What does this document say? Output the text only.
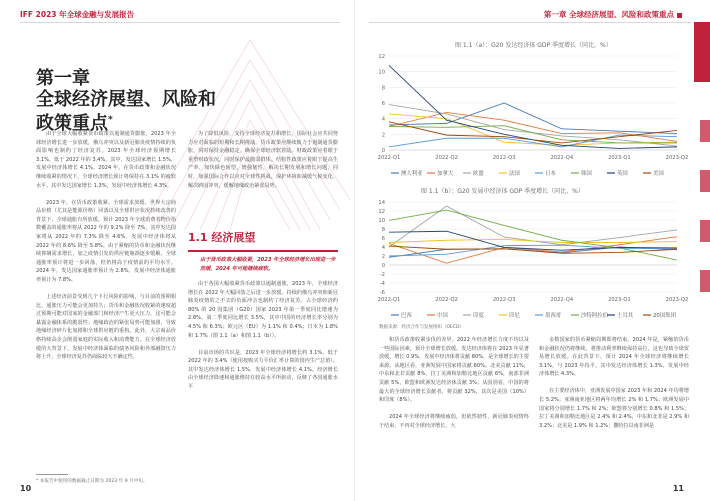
IFF 2023 年全球金融与发展报告
第一章
全球经济展望、风险和
政策重点*

由于全球大幅收紧货币政策以遏制通货膨胀，2023 年全球经济增长进一步放缓，俄乌冲突以及新冠肺炎疫情持续的负面影响也制约了经济复苏。2023 年全球经济预期增长 3.1%，低于 2022 年的 3.4%。其中，发达国家增长 1.5%，发展中经济体增长 4.1%。2024 年，在货币政策和金融状况继续收紧的情况下，全球经济增长预计将保持在 3.1% 的疲软水平，其中发达国家增长 1.3%，发展中经济体增长 4.3%。

2023 年，在货币政策收紧、全球需求放缓、世界大宗商品价格（尤其是能源价格）回落以及全球供应状况持续改善的背景下，全球通胀有所放缓。预计 2023 年全球消费者物价指数覆盖的通胀率将从 2022 年的 9.2% 降至 7%，其中发达国家将从 2022 年的 7.3% 降至 4.6%，发展中经济体将从 2022 年的 8.6% 降至 5.8%。由于紧缩的货币和金融状况继续抑制需求增长，加之疫情引发的供应链瓶颈逐步缓解，全球通胀率预计将进一步回落，但仍将高于疫情前的平均水平。2024 年，发达国家通胀率预计为 2.8%，发展中经济体通胀率预计为 7.8%。

上述经济前景受到几个下行风险的影响，与目前的预期相比，通胀压力可能会更加持久；货币和金融状况收紧的速度超过预期可能对国家的金融部门和经济产生更大压力，这可能会暴露金融体系的脆弱性；地缘政治的紧张局势可能加剧，导致地缘经济碎片化加剧和全球供应链的重构。此外，大宗商品价格持续高企会削弱家庭的实际收入和消费能力。在全球经济放缓的大背景下，发展中经济体面临的债务风险和外部融资压力将上升，全球经济复苏仍面临较大不确定性。

为了降低风险、支持全球经济复苏和增长，国际社会应共同努力应对面临的短期和长期挑战。货币政策应继续致力于遏制通货膨胀，同时保持金融稳定。确保全球经济软着陆。财政政策应着眼于重塑财政状况，同时保护最脆弱群体。结构性政策应着眼于提高生产率、加快绿色转型、增强韧性，解决长期发展和增长问题，同时，加强国际合作以应对全球性挑战。保护环境和减缓气候变化、解决跨国冲突、缓解地缘政治紧张局势。

1.1 经济展望
由于货币政策大幅收紧，2023 年全球经济增长出现进一步放缓，2024 年可能继续疲软。

由于各国大幅收紧货币政策以遏制通胀，2023 年，全球经济增长在 2022 年大幅回落之后进一步放缓。持续的俄乌冲突和新冠肺炎疫情的之不去的负面冲击也制约了经济复苏。占全球经济约 80% 的 20 国集团（G20）国家 2023 年第一季度同比增速为 2.8%，第二季度同比增长 3.5%，其中中国的经济增长率分别为 4.5% 和 6.3%；欧元区（EU）为 1.1% 和 0.4%；日本为 1.8% 和 1.7%（图 1.1（a）和图 1.1（b））。

目前市场的共识是，2023 年全球经济将增长约 3.1%，低于 2022 年的 3.4%（使用按购买力平价汇率计算的国内生产总值）。其中发达经济体增长 1.5%，发展中经济体增长 4.1%。经济增长由全球经济降速和通胀维持在较高水平所驱动，反映了各国通胀水平

* 本报告中使用的数据截止日期为 2023 年 9 月中旬。
10
第一章 全球经济展望、风险和政策重点
图 1.1（a）：G20 发达经济体 GDP 季度增长（同比，%）
0
2
4
6
8
10
12
2022-Q1	2022-Q2	2022-Q3	2022-Q4	2023-Q1	2023-Q2
澳大利亚	加拿大	欧盟	法国	日本	韩国	英国	美国
图 1.1（b）：G20 发展中经济体 GDP 季度增长（同比，%）
-6
-4
-2
0
2
4
6
8
10
12
14
2022-Q1	2022-Q2	2022-Q3	2022-Q4	2023-Q1	2023-Q2
巴西	中国	印度	印尼	墨西哥	沙特阿拉伯 土耳其	20国集团
数据来源：经济合作与发展组织（OECD）

和货币政策收紧步伐的差异。2022 年经济增长力度不均以及一些国际因素，预计全球增长放缓，发达经济体将在 2023 年显著放缓，增长 0.9%，发展中经济体将贡献 80%，是全球增长的主要来源。从地区看，亚洲发展中国家将贡献 60%。北美贡献 11%，中东和北非贡献 8%，拉丁美洲和加勒比地区贡献 6%，南部非洲贡献 5%，欧盟和欧洲发达经济体贡献 3%；从国别看，中国的将最大的全球经济增长贡献者，将贡献 32%，其次是美国（10%）和印度（8%）。

2024 年全球经济将继续疲弱，但依然韧性，新冠肺炎疫情终于结束，不再对全球经济增长，大

多数国家的货币紧缩周期即将结束。2024 年是，紧缩的货币和金融状况仍将继续，将推动利率继续保持高位，这也导致全球贸易增长放缓。在此背景下，预计 2024 年全球经济将继续增长 3.1%，与 2023 年持平，其中发达经济体增长 1.3%，发展中经济体增长 4.3%。

在主要经济体中，亚洲发展中国家 2023 年和 2024 年均将增长 5.2%；亚洲南亚地区将两年均增长 2% 和 1.7%；欧洲发展中国家将分别增长 1.7% 和 2%；欧盟将分别增长 0.8% 和 1.5%；拉丁美洲和加勒比地区是 2.4% 和 2.4%，中东和北非是 2.9% 和 3.2%；北美是 1.9% 和 1.2%；撒哈拉以南非洲是

11
